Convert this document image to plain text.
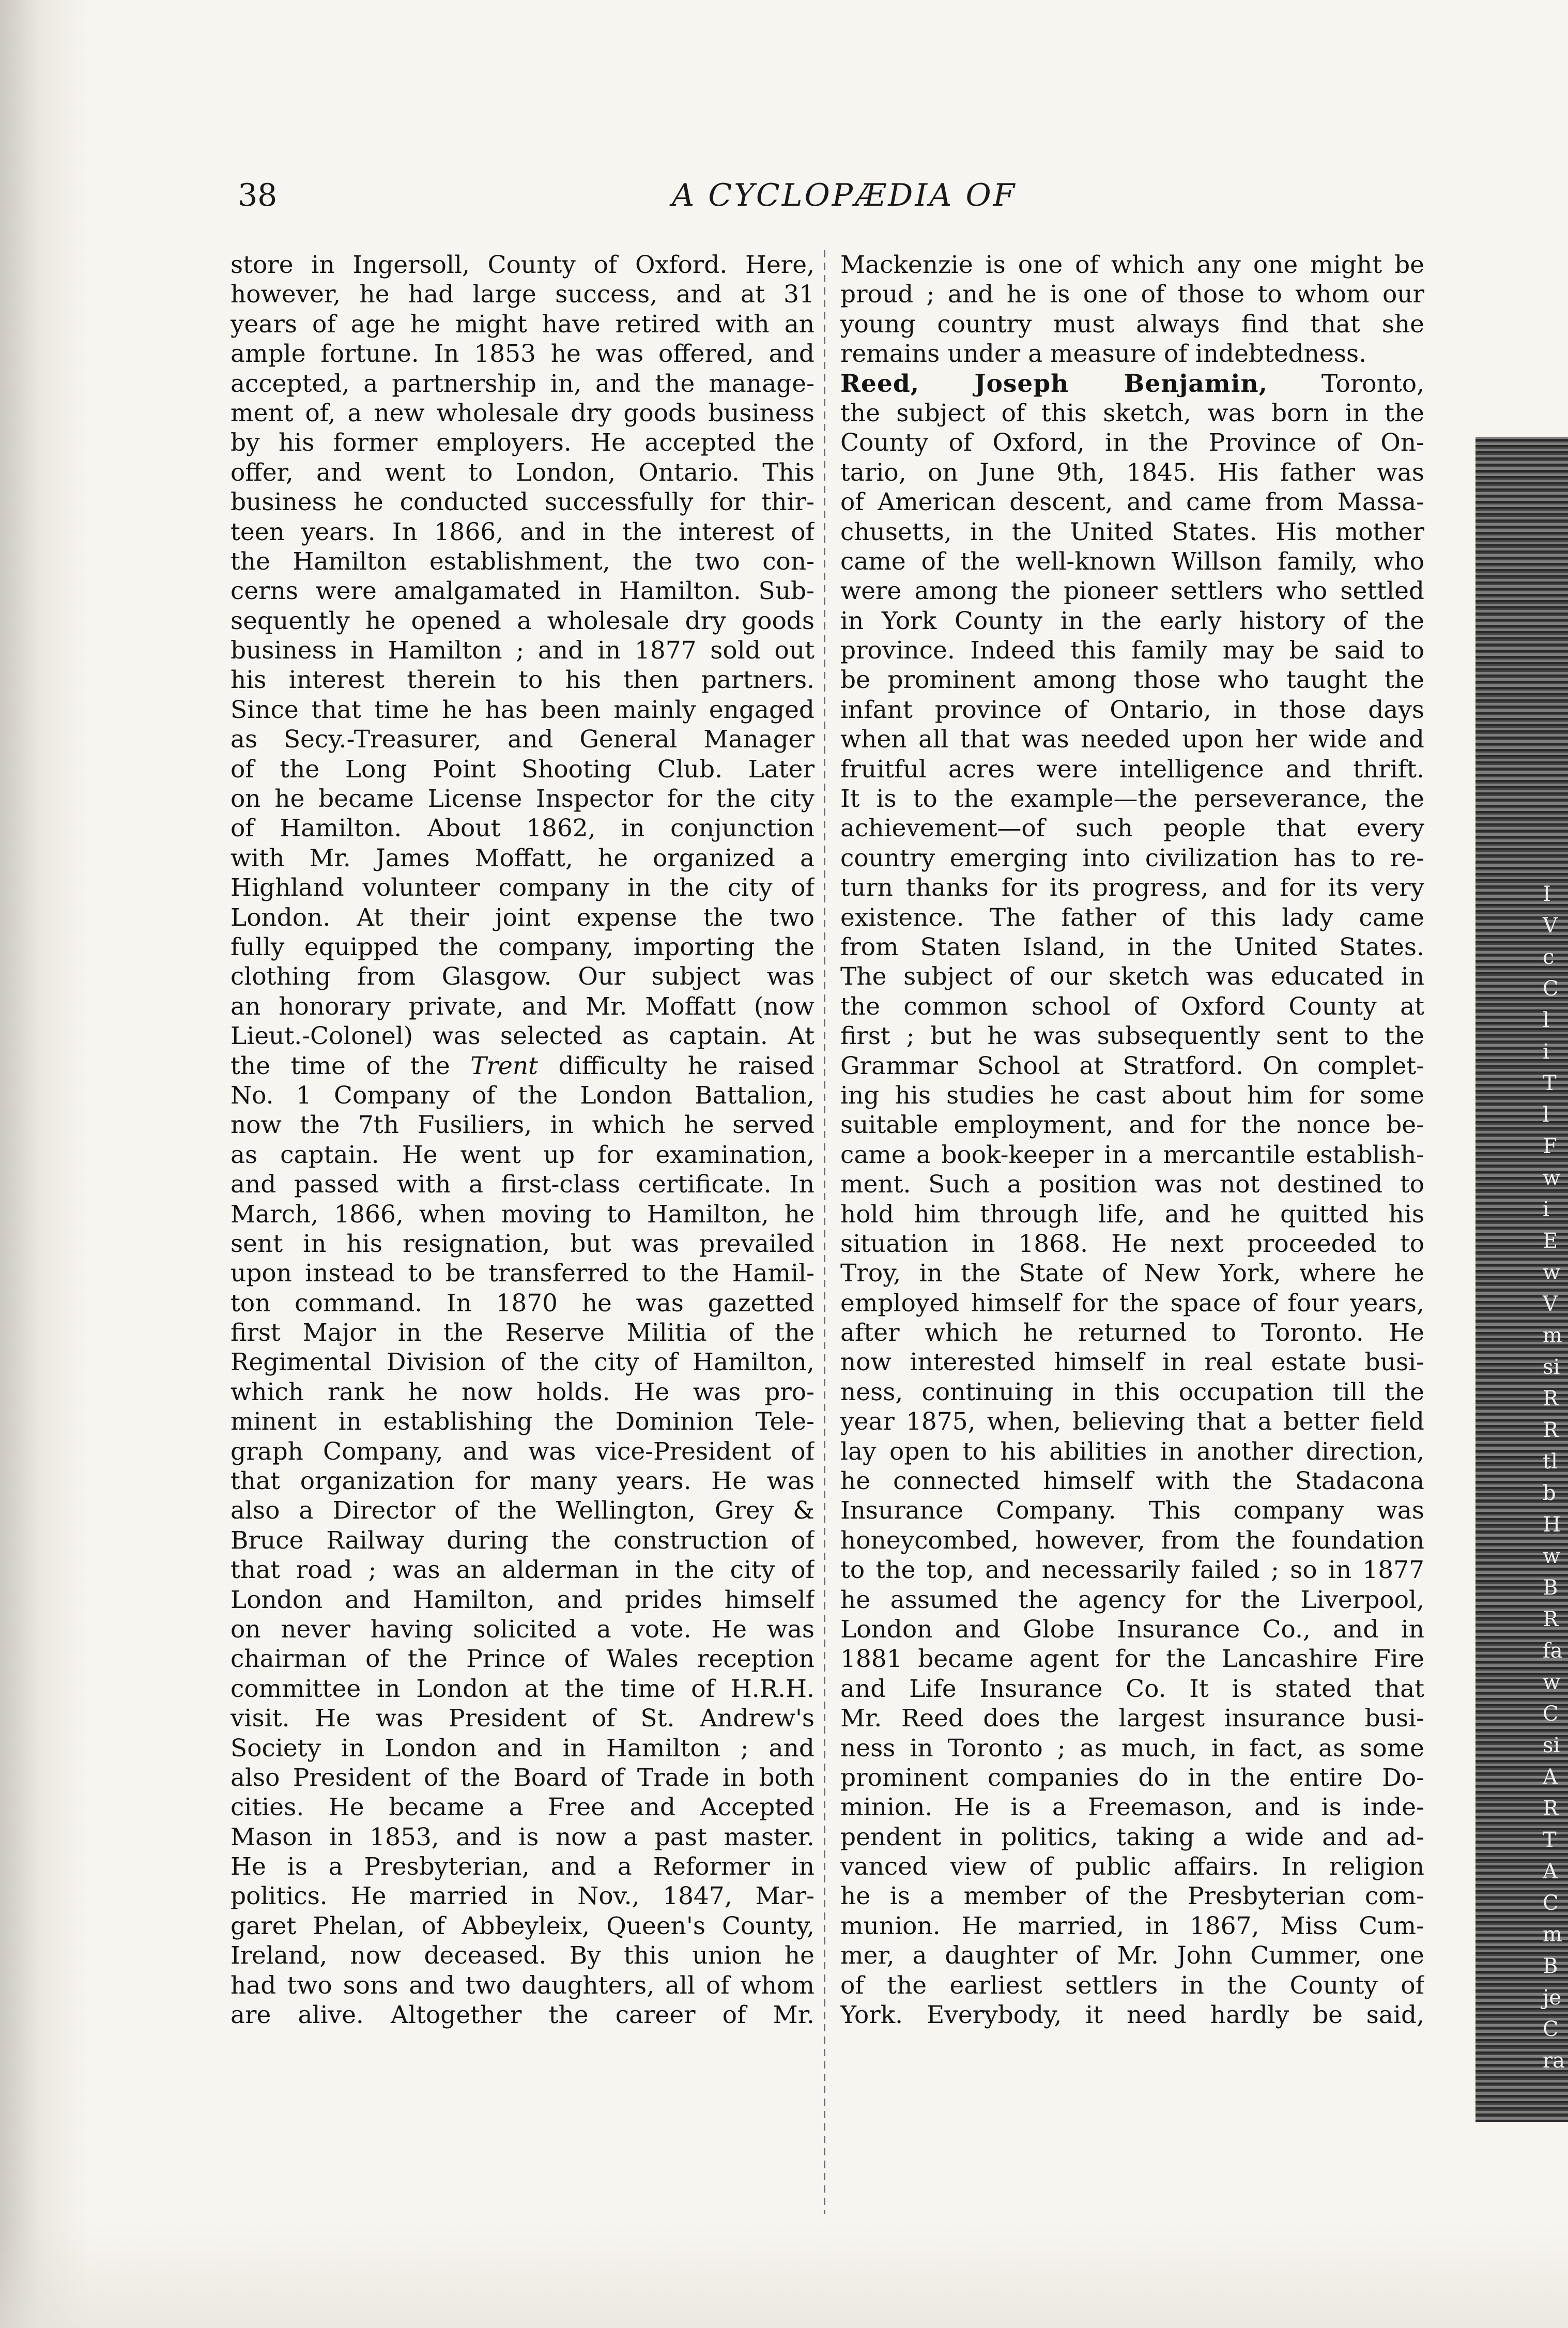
38	A CYCLOPÆDIA OF
store in Ingersoll, County of Oxford. Here,
however, he had large success, and at 31
years of age he might have retired with an
ample fortune. In 1853 he was offered, and
accepted, a partnership in, and the manage-
ment of, a new wholesale dry goods business
by his former employers. He accepted the
offer, and went to London, Ontario. This
business he conducted successfully for thir-
teen years. In 1866, and in the interest of
the Hamilton establishment, the two con-
cerns were amalgamated in Hamilton. Sub-
sequently he opened a wholesale dry goods
business in Hamilton ; and in 1877 sold out
his interest therein to his then partners.
Since that time he has been mainly engaged
as Secy.-Treasurer, and General Manager
of the Long Point Shooting Club. Later
on he became License Inspector for the city
of Hamilton. About 1862, in conjunction
with Mr. James Moffatt, he organized a
Highland volunteer company in the city of
London. At their joint expense the two
fully equipped the company, importing the
clothing from Glasgow. Our subject was
an honorary private, and Mr. Moffatt (now
Lieut.-Colonel) was selected as captain. At
the time of the Trent difficulty he raised
No. 1 Company of the London Battalion,
now the 7th Fusiliers, in which he served
as captain. He went up for examination,
and passed with a first-class certificate. In
March, 1866, when moving to Hamilton, he
sent in his resignation, but was prevailed
upon instead to be transferred to the Hamil-
ton command. In 1870 he was gazetted
first Major in the Reserve Militia of the
Regimental Division of the city of Hamilton,
which rank he now holds. He was pro-
minent in establishing the Dominion Tele-
graph Company, and was vice-President of
that organization for many years. He was
also a Director of the Wellington, Grey &
Bruce Railway during the construction of
that road ; was an alderman in the city of
London and Hamilton, and prides himself
on never having solicited a vote. He was
chairman of the Prince of Wales reception
committee in London at the time of H.R.H.
visit. He was President of St. Andrew's
Society in London and in Hamilton ; and
also President of the Board of Trade in both
cities. He became a Free and Accepted
Mason in 1853, and is now a past master.
He is a Presbyterian, and a Reformer in
politics. He married in Nov., 1847, Mar-
garet Phelan, of Abbeyleix, Queen's County,
Ireland, now deceased. By this union he
had two sons and two daughters, all of whom
are alive. Altogether the career of Mr.
Mackenzie is one of which any one might be
proud ; and he is one of those to whom our
young country must always find that she
remains under a measure of indebtedness.
Reed, Joseph Benjamin, Toronto,
the subject of this sketch, was born in the
County of Oxford, in the Province of On-
tario, on June 9th, 1845. His father was
of American descent, and came from Massa-
chusetts, in the United States. His mother
came of the well-known Willson family, who
were among the pioneer settlers who settled
in York County in the early history of the
province. Indeed this family may be said to
be prominent among those who taught the
infant province of Ontario, in those days
when all that was needed upon her wide and
fruitful acres were intelligence and thrift.
It is to the example—the perseverance, the
achievement—of such people that every
country emerging into civilization has to re-
turn thanks for its progress, and for its very
existence. The father of this lady came
from Staten Island, in the United States.
The subject of our sketch was educated in
the common school of Oxford County at
first ; but he was subsequently sent to the
Grammar School at Stratford. On complet-
ing his studies he cast about him for some
suitable employment, and for the nonce be-
came a book-keeper in a mercantile establish-
ment. Such a position was not destined to
hold him through life, and he quitted his
situation in 1868. He next proceeded to
Troy, in the State of New York, where he
employed himself for the space of four years,
after which he returned to Toronto. He
now interested himself in real estate busi-
ness, continuing in this occupation till the
year 1875, when, believing that a better field
lay open to his abilities in another direction,
he connected himself with the Stadacona
Insurance Company. This company was
honeycombed, however, from the foundation
to the top, and necessarily failed ; so in 1877
he assumed the agency for the Liverpool,
London and Globe Insurance Co., and in
1881 became agent for the Lancashire Fire
and Life Insurance Co. It is stated that
Mr. Reed does the largest insurance busi-
ness in Toronto ; as much, in fact, as some
prominent companies do in the entire Do-
minion. He is a Freemason, and is inde-
pendent in politics, taking a wide and ad-
vanced view of public affairs. In religion
he is a member of the Presbyterian com-
munion. He married, in 1867, Miss Cum-
mer, a daughter of Mr. John Cummer, one
of the earliest settlers in the County of
York. Everybody, it need hardly be said,
I
V
c
C
l
i
T
l
F
w
i
E
w
V
m
si
R
R
tl
b
H
w
B
R
fa
w
C
si
A
R
T
A
C
m
B
je
C
ra
